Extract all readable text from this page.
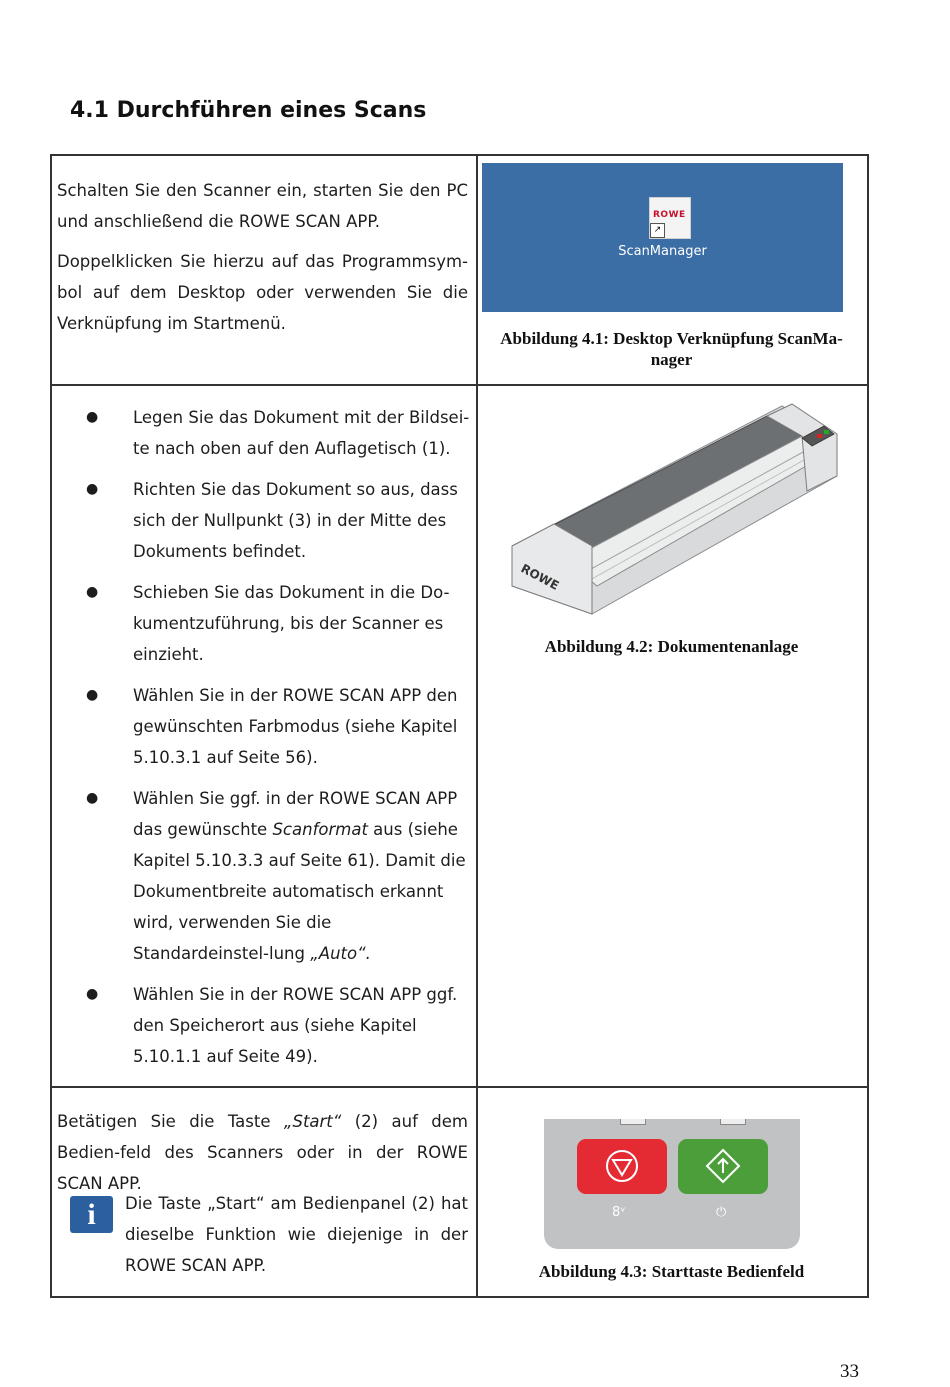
4.1 Durchführen eines Scans

Schalten Sie den Scanner ein, starten Sie den PC und anschließend die ROWE SCAN APP.

Doppelklicken Sie hierzu auf das Programmsym-bol auf dem Desktop oder verwenden Sie die Verknüpfung im Startmenü.

ROWE
↗
ScanManager
Abbildung 4.1: Desktop Verknüpfung ScanMa-nager
● Legen Sie das Dokument mit der Bildsei-te nach oben auf den Auflagetisch (1).
● Richten Sie das Dokument so aus, dass sich der Nullpunkt (3) in der Mitte des Dokuments befindet.
● Schieben Sie das Dokument in die Do-kumentzuführung, bis der Scanner es einzieht.
● Wählen Sie in der ROWE SCAN APP den gewünschten Farbmodus (siehe Kapitel 5.10.3.1 auf Seite 56).
● Wählen Sie ggf. in der ROWE SCAN APP das gewünschte Scanformat aus (siehe Kapitel 5.10.3.3 auf Seite 61). Damit die Dokumentbreite automatisch erkannt wird, verwenden Sie die Standardeinstel-lung „Auto“.
● Wählen Sie in der ROWE SCAN APP ggf. den Speicherort aus (siehe Kapitel 5.10.1.1 auf Seite 49).
ROWE
Abbildung 4.2: Dokumentenanlage
Betätigen Sie die Taste „Start“ (2) auf dem Bedien-feld des Scanners oder in der ROWE SCAN APP.
i	Die Taste „Start“ am Bedienpanel (2) hat dieselbe Funktion wie diejenige in der ROWE SCAN APP.
8ᵛ	⏻
Abbildung 4.3: Starttaste Bedienfeld
33
